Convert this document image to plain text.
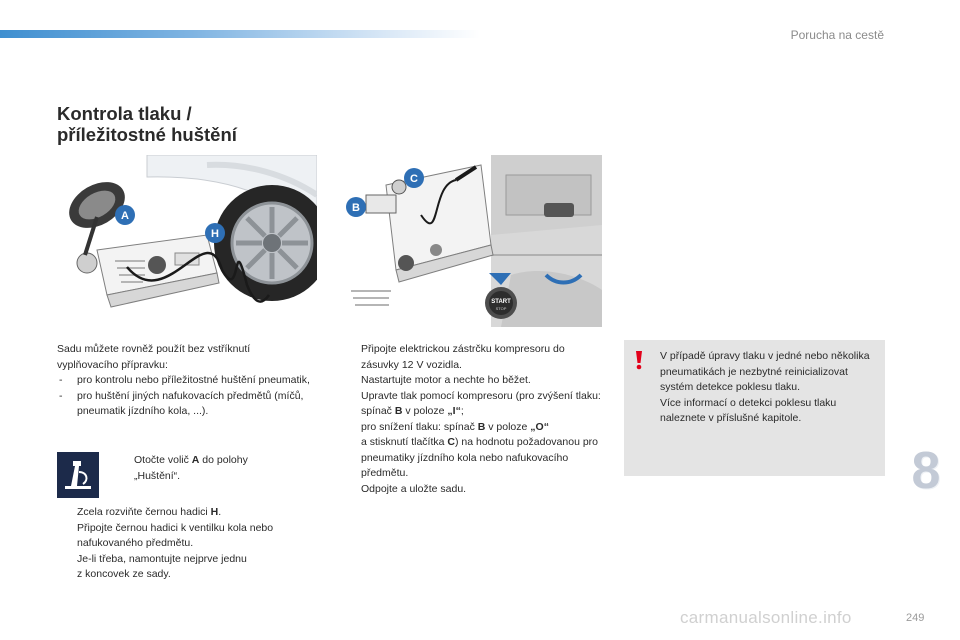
Porucha na cestě
Kontrola tlaku /
příležitostné huštění
A
H
START
STOP
C
B

Sadu můžete rovněž použít bez vstříknutí

vyplňovacího přípravku:

- pro kontrolu nebo příležitostné huštění pneumatik,

- pro huštění jiných nafukovacích předmětů (míčů, pneumatik jízdního kola, ...).

Otočte volič A do polohy „Huštění“.

Zcela rozviňte černou hadici H.

Připojte černou hadici k ventilku kola nebo nafukovaného předmětu.

Je-li třeba, namontujte nejprve jednu

z koncovek ze sady.

Připojte elektrickou zástrčku kompresoru do zásuvky 12 V vozidla.

Nastartujte motor a nechte ho běžet.

Upravte tlak pomocí kompresoru (pro zvýšení tlaku: spínač B v poloze „I“;
pro snížení tlaku: spínač B v poloze „O“
a stisknutí tlačítka C) na hodnotu požadovanou pro pneumatiky jízdního kola nebo nafukovacího předmětu.

Odpojte a uložte sadu.

V případě úpravy tlaku v jedné nebo několika pneumatikách je nezbytné reinicializovat systém detekce poklesu tlaku.
Více informací o detekci poklesu tlaku naleznete v příslušné kapitole.
8
carmanualsonline.info	249
